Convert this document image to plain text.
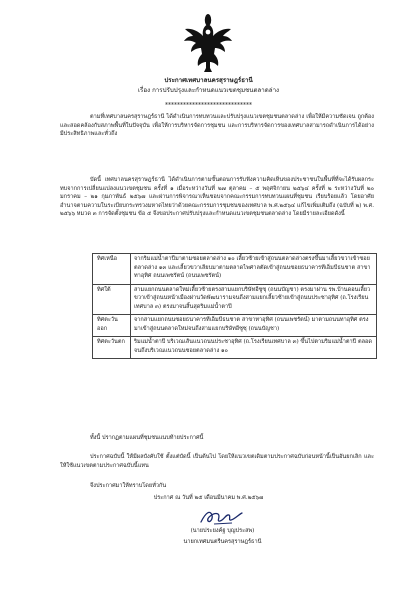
ประกาศเทศบาลนครสุราษฎร์ธานี
เรื่อง การปรับปรุงและกำหนดแนวเขตชุมชนตลาดล่าง
*****************************
ตามที่เทศบาลนครสุราษฎร์ธานี ได้ดำเนินการทบทวนและปรับปรุงแนวเขตชุมชนตลาดล่าง เพื่อให้มีความชัดเจน ถูกต้อง และสอดคล้องกับสภาพพื้นที่ในปัจจุบัน เพื่อให้การบริหารจัดการชุมชน และการบริหารจัดการของเทศบาลสามารถดำเนินการได้อย่างมีประสิทธิภาพและทั่วถึง
บัดนี้ เทศบาลนครสุราษฎร์ธานี ได้ดำเนินการตามขั้นตอนการรับฟังความคิดเห็นของประชาชนในพื้นที่ที่จะได้รับผลกระทบจากการเปลี่ยนแปลงแนวเขตชุมชน ครั้งที่ ๑ เมื่อระหว่างวันที่ ๒๗ ตุลาคม – ๕ พฤศจิกายน ๒๕๖๔ ครั้งที่ ๒ ระหว่างวันที่ ๒๐ มกราคม – ๒๑ กุมภาพันธ์ ๒๕๖๗ และผ่านการพิจารณาเห็นชอบจากคณะกรรมการทบทวนแผนที่ชุมชน เรียบร้อยแล้ว โดยอาศัยอำนาจตามความในระเบียบกระทรวงมหาดไทยว่าด้วยคณะกรรมการชุมชนของเทศบาล พ.ศ.๒๕๖๔ แก้ไขเพิ่มเติมถึง (ฉบับที่ ๒) พ.ศ. ๒๕๖๖ หมวด ๓ การจัดตั้งชุมชน ข้อ ๕ จึงขอประกาศปรับปรุงและกำหนดแนวเขตชุมชนตลาดล่าง โดยมีรายละเอียดดังนี้
ทิศเหนือ	จากริมแม่น้ำตาปีมาตามซอยตลาดล่าง ๑๐ เลี้ยวซ้ายเข้าสู่ถนนตลาดล่างตรงขึ้นมาเลี้ยวขวาเข้าซอยตลาดล่าง ๑๓ และเลี้ยวขวาเลียบมาตามตลาดไพศาลตัดเข้าสู่ถนนซอยธนาคารทีเอ็มบีธนชาต สาขาทาอุทิศ ถนนเพชรัตน์ (ถนนเพชรัตน์)
ทิศใต้	สามแยกถนนตลาดใหม่เลี้ยวซ้ายตรงสามแยกบริษัทอีซูซุ (ถนนบัญชา) ตรงมาผ่าน รพ.บ้านดอนเลี้ยวขวาเข้าสู่ถนนหน้าเมืองผ่านวัดพัฒนารามจนถึงสามแยกเลี้ยวซ้ายเข้าสู่ถนนประชาอุทิศ (ถ.โรงเรียนเทศบาล ๓) ตรงมาจนสิ้นสุดริมแม่น้ำตาปี
ทิศตะวันออก	จากสามแยกถนนซอยธนาคารทีเอ็มบีธนชาต สาขาทาอุทิศ (ถนนเพชรัตน์) มาตามถนนทาอุทิศ ตรงมาเข้าสู่ถนนตลาดใหม่จนถึงสามแยกบริษัทอีซูซุ (ถนนบัญชา)
ทิศตะวันตก	ริมแม่น้ำตาปี บริเวณเส้นแนวถนนประชาอุทิศ (ถ.โรงเรียนเทศบาล ๓) ขึ้นไปตามริมแม่น้ำตาปี ตลอดจนถึงบริเวณแนวถนนซอยตลาดล่าง ๑๐
ทั้งนี้ ปรากฏตามแผนที่ชุมชนแนบท้ายประกาศนี้
ประกาศฉบับนี้ ให้มีผลบังคับใช้ ตั้งแต่บัดนี้ เป็นต้นไป โดยให้แนวเขตเดิมตามประกาศฉบับก่อนหน้านี้เป็นอันยกเลิก และให้ใช้แนวเขตตามประกาศฉบับนี้แทน
จึงประกาศมาให้ทราบโดยทั่วกัน
ประกาศ ณ วันที่ ๒๕ เดือนมีนาคม พ.ศ.๒๕๖๗
(นายประยงค์ฐ บุญประสพ)
นายกเทศมนตรีนครสุราษฎร์ธานี
